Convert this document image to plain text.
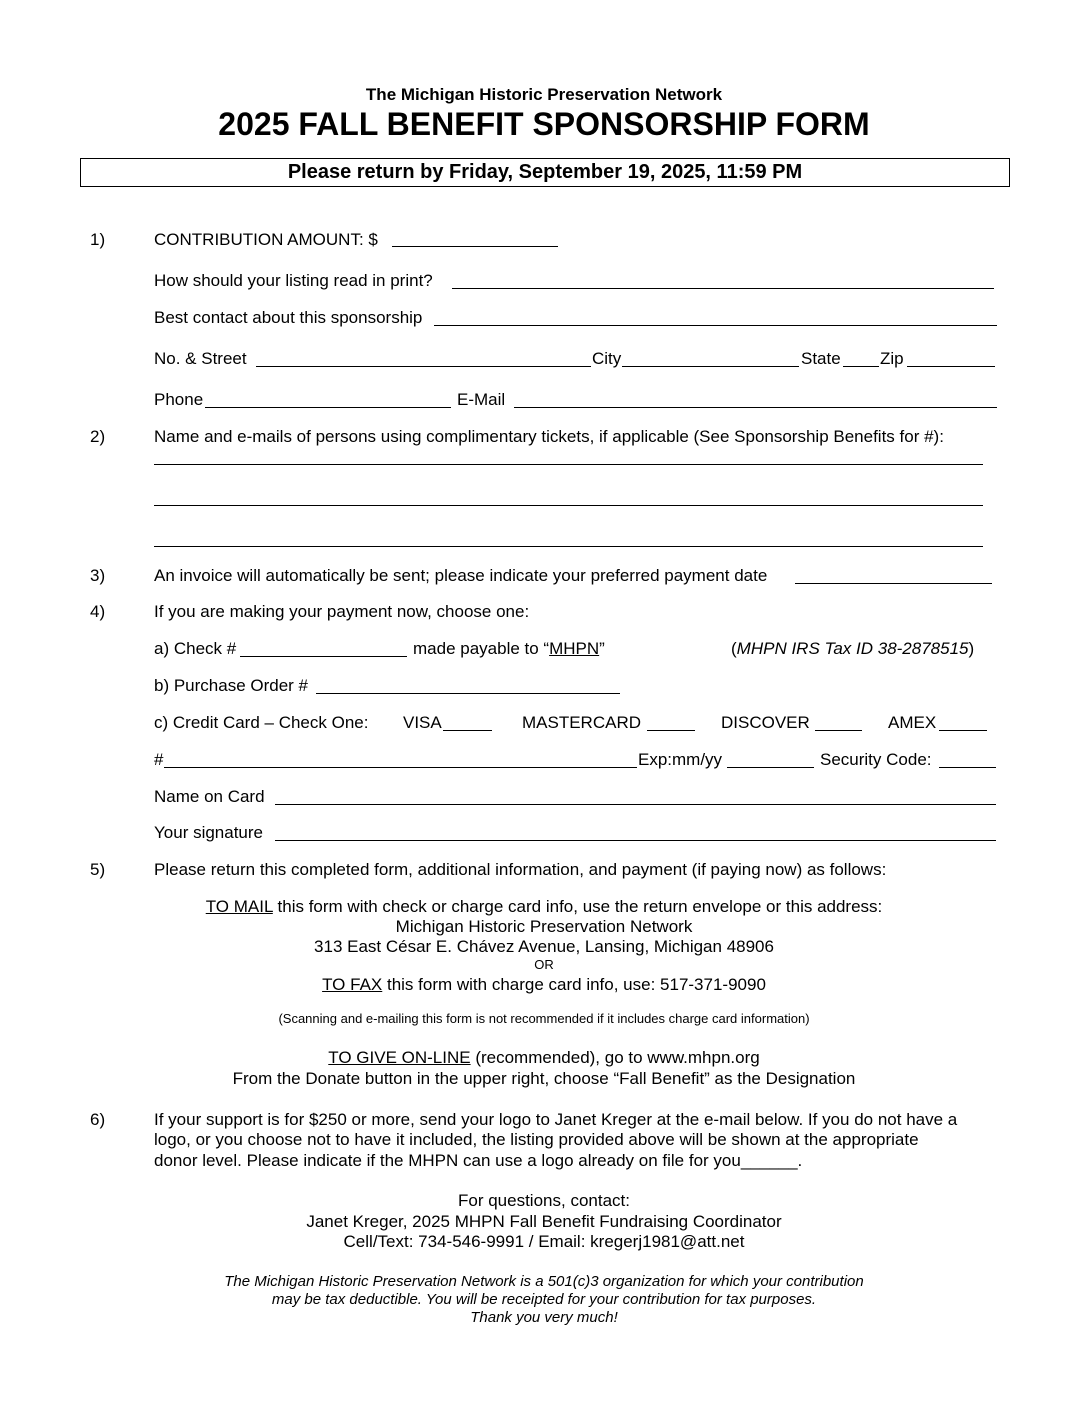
The Michigan Historic Preservation Network
2025 FALL BENEFIT SPONSORSHIP FORM
Please return by Friday, September 19, 2025, 11:59 PM
1)	CONTRIBUTION AMOUNT: $
How should your listing read in print?
Best contact about this sponsorship
No. & Street	City	State Zip
Phone	E-Mail
2)	Name and e-mails of persons using complimentary tickets, if applicable (See Sponsorship Benefits for #):
3)	An invoice will automatically be sent; please indicate your preferred payment date
4)	If you are making your payment now, choose one:
a) Check #	made payable to “MHPN”	(MHPN IRS Tax ID 38-2878515)
b) Purchase Order #
c) Credit Card – Check One: VISA	MASTERCARD	DISCOVER	AMEX
#	Exp:mm/yy	Security Code:
Name on Card
Your signature
5)	Please return this completed form, additional information, and payment (if paying now) as follows:
TO MAIL this form with check or charge card info, use the return envelope or this address:
Michigan Historic Preservation Network
313 East César E. Chávez Avenue, Lansing, Michigan 48906
OR
TO FAX this form with charge card info, use: 517-371-9090
(Scanning and e-mailing this form is not recommended if it includes charge card information)
TO GIVE ON-LINE (recommended), go to www.mhpn.org
From the Donate button in the upper right, choose “Fall Benefit” as the Designation
6)	If your support is for $250 or more, send your logo to Janet Kreger at the e-mail below. If you do not have a
logo, or you choose not to have it included, the listing provided above will be shown at the appropriate
donor level. Please indicate if the MHPN can use a logo already on file for you______.
For questions, contact:
Janet Kreger, 2025 MHPN Fall Benefit Fundraising Coordinator
Cell/Text: 734-546-9991 / Email: kregerj1981@att.net
The Michigan Historic Preservation Network is a 501(c)3 organization for which your contribution
may be tax deductible. You will be receipted for your contribution for tax purposes.
Thank you very much!
